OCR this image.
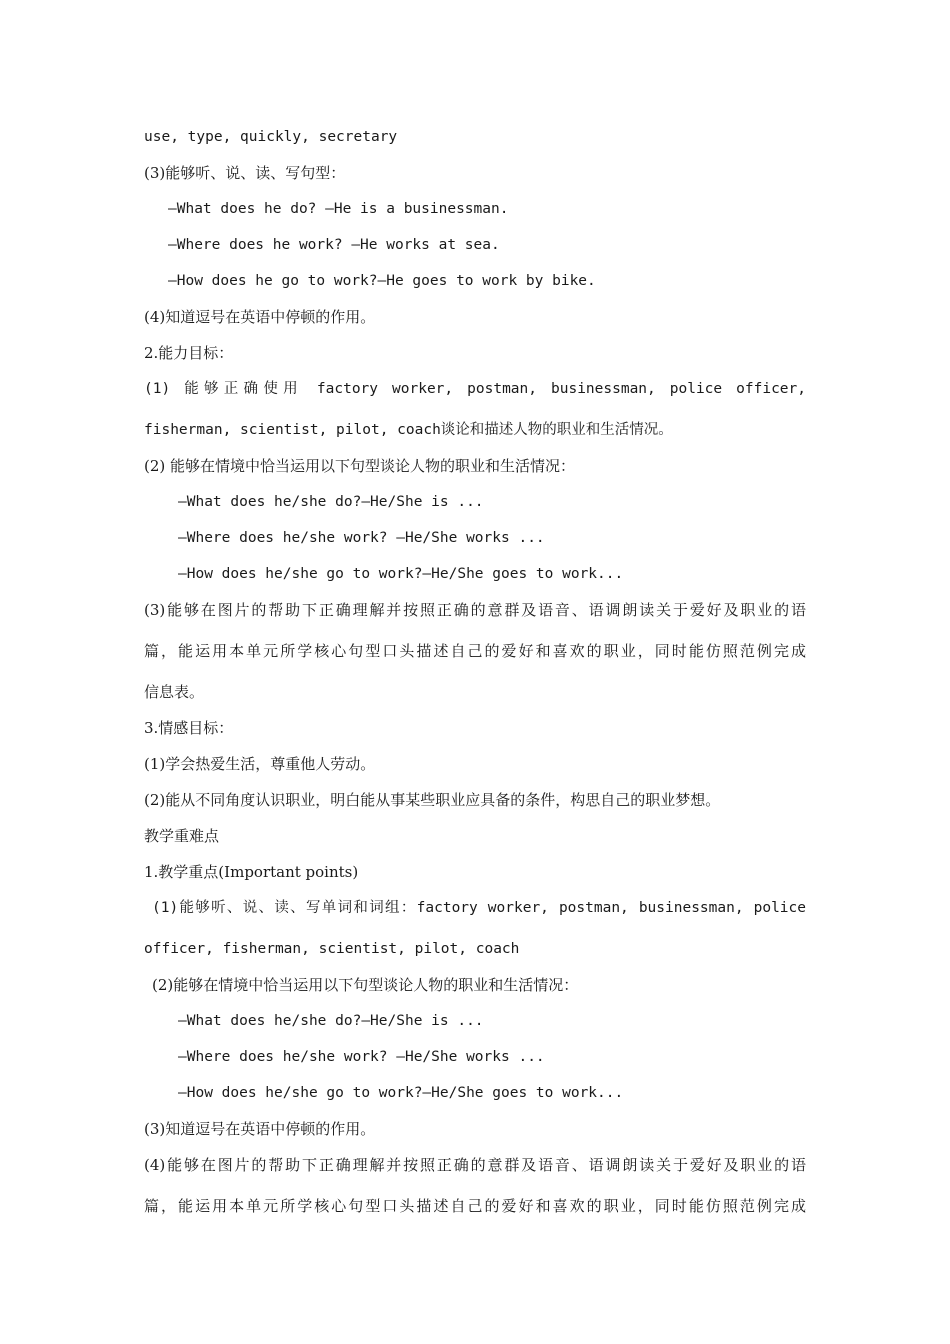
use, type, quickly, secretary
(3)能够听、说、读、写句型：
—What does he do? —He is a businessman.
—Where does he work? —He works at sea.
—How does he go to work?—He goes to work by bike.
(4)知道逗号在英语中停顿的作用。
2.能力目标：
(1) 能够正确使用 factory worker, postman, businessman, police officer,
fisherman, scientist, pilot, coach谈论和描述人物的职业和生活情况。
(2) 能够在情境中恰当运用以下句型谈论人物的职业和生活情况：
—What does he/she do?—He/She is ...
—Where does he/she work? —He/She works ...
—How does he/she go to work?—He/She goes to work...
(3)能够在图片的帮助下正确理解并按照正确的意群及语音、语调朗读关于爱好及职业的语
篇，能运用本单元所学核心句型口头描述自己的爱好和喜欢的职业，同时能仿照范例完成
信息表。
3.情感目标：
(1)学会热爱生活，尊重他人劳动。
(2)能从不同角度认识职业，明白能从事某些职业应具备的条件，构思自己的职业梦想。
教学重难点
1.教学重点(Important points)
(1)能够听、说、读、写单词和词组：factory worker, postman, businessman, police
officer, fisherman, scientist, pilot, coach
(2)能够在情境中恰当运用以下句型谈论人物的职业和生活情况：
—What does he/she do?—He/She is ...
—Where does he/she work? —He/She works ...
—How does he/she go to work?—He/She goes to work...
(3)知道逗号在英语中停顿的作用。
(4)能够在图片的帮助下正确理解并按照正确的意群及语音、语调朗读关于爱好及职业的语
篇，能运用本单元所学核心句型口头描述自己的爱好和喜欢的职业，同时能仿照范例完成
